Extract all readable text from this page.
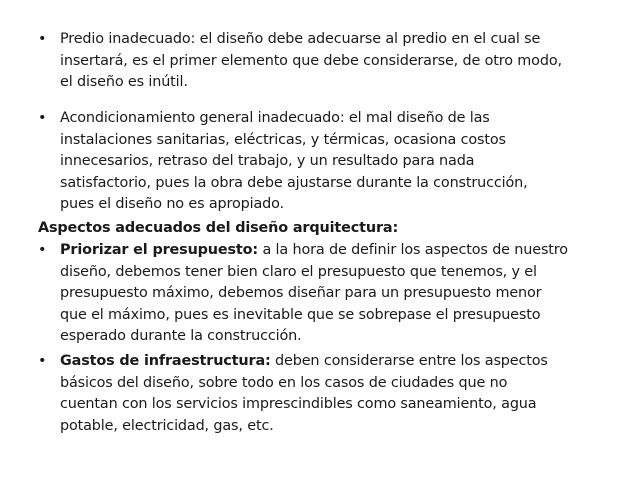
• Predio inadecuado: el diseño debe adecuarse al predio en el cual se
insertará, es el primer elemento que debe considerarse, de otro modo,
el diseño es inútil.
• Acondicionamiento general inadecuado: el mal diseño de las
instalaciones sanitarias, eléctricas, y térmicas, ocasiona costos
innecesarios, retraso del trabajo, y un resultado para nada
satisfactorio, pues la obra debe ajustarse durante la construcción,
pues el diseño no es apropiado.
Aspectos adecuados del diseño arquitectura:
• Priorizar el presupuesto: a la hora de definir los aspectos de nuestro
diseño, debemos tener bien claro el presupuesto que tenemos, y el
presupuesto máximo, debemos diseñar para un presupuesto menor
que el máximo, pues es inevitable que se sobrepase el presupuesto
esperado durante la construcción.
• Gastos de infraestructura: deben considerarse entre los aspectos
básicos del diseño, sobre todo en los casos de ciudades que no
cuentan con los servicios imprescindibles como saneamiento, agua
potable, electricidad, gas, etc.
